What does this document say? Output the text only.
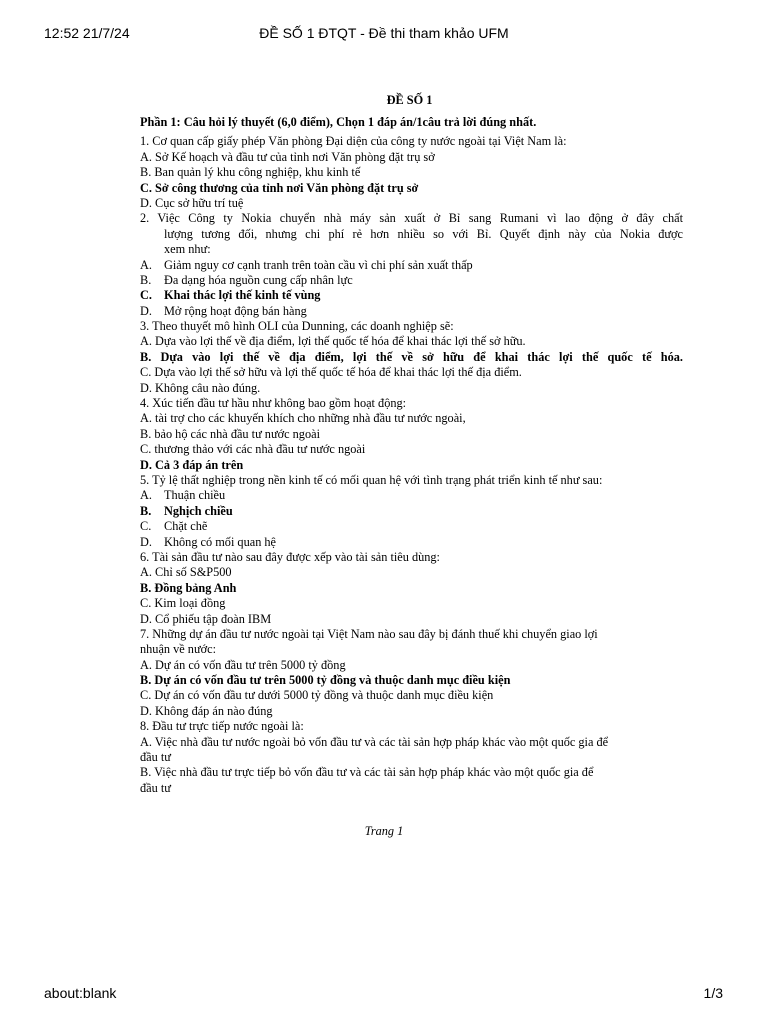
12:52 21/7/24	ĐỀ SỐ 1 ĐTQT - Đề thi tham khảo UFM
ĐỀ SỐ 1
Phần 1: Câu hỏi lý thuyết (6,0 điểm), Chọn 1 đáp án/1câu trả lời đúng nhất.
1. Cơ quan cấp giấy phép Văn phòng Đại diện của công ty nước ngoài tại Việt Nam là:
A. Sở Kế hoạch và đầu tư của tỉnh nơi Văn phòng đặt trụ sở
B. Ban quản lý khu công nghiệp, khu kinh tế
C. Sở công thương của tỉnh nơi Văn phòng đặt trụ sở
D. Cục sở hữu trí tuệ
2. Việc Công ty Nokia chuyển nhà máy sản xuất ở Bỉ sang Rumani vì lao động ở đây chất
lượng tương đối, nhưng chi phí rẻ hơn nhiều so với Bỉ. Quyết định này của Nokia được
xem như:
A. Giảm nguy cơ cạnh tranh trên toàn cầu vì chi phí sản xuất thấp
B. Đa dạng hóa nguồn cung cấp nhân lực
C. Khai thác lợi thế kinh tế vùng
D. Mở rộng hoạt động bán hàng
3. Theo thuyết mô hình OLI của Dunning, các doanh nghiệp sẽ:
A. Dựa vào lợi thế về địa điểm, lợi thế quốc tế hóa để khai thác lợi thế sở hữu.
B. Dựa vào lợi thế về địa điểm, lợi thế về sở hữu để khai thác lợi thế quốc tế hóa.
C. Dựa vào lợi thế sở hữu và lợi thế quốc tế hóa để khai thác lợi thế địa điểm.
D. Không câu nào đúng.
4. Xúc tiến đầu tư hầu như không bao gồm hoạt động:
A. tài trợ cho các khuyến khích cho những nhà đầu tư nước ngoài,
B. bảo hộ các nhà đầu tư nước ngoài
C. thương thảo với các nhà đầu tư nước ngoài
D. Cả 3 đáp án trên
5. Tỷ lệ thất nghiệp trong nền kinh tế có mối quan hệ với tình trạng phát triển kinh tế như sau:
A. Thuận chiều
B. Nghịch chiều
C. Chặt chẽ
D. Không có mối quan hệ
6. Tài sản đầu tư nào sau đây được xếp vào tài sản tiêu dùng:
A. Chỉ số S&P500
B. Đồng bảng Anh
C. Kim loại đồng
D. Cổ phiếu tập đoàn IBM
7. Những dự án đầu tư nước ngoài tại Việt Nam nào sau đây bị đánh thuế khi chuyển giao lợi
nhuận về nước:
A. Dự án có vốn đầu tư trên 5000 tỷ đồng
B. Dự án có vốn đầu tư trên 5000 tỷ đồng và thuộc danh mục điều kiện
C. Dự án có vốn đầu tư dưới 5000 tỷ đồng và thuộc danh mục điều kiện
D. Không đáp án nào đúng
8. Đầu tư trực tiếp nước ngoài là:
A. Việc nhà đầu tư nước ngoài bỏ vốn đầu tư và các tài sản hợp pháp khác vào một quốc gia để
đầu tư
B. Việc nhà đầu tư trực tiếp bỏ vốn đầu tư và các tài sản hợp pháp khác vào một quốc gia để
đầu tư
Trang 1
about:blank	1/3
